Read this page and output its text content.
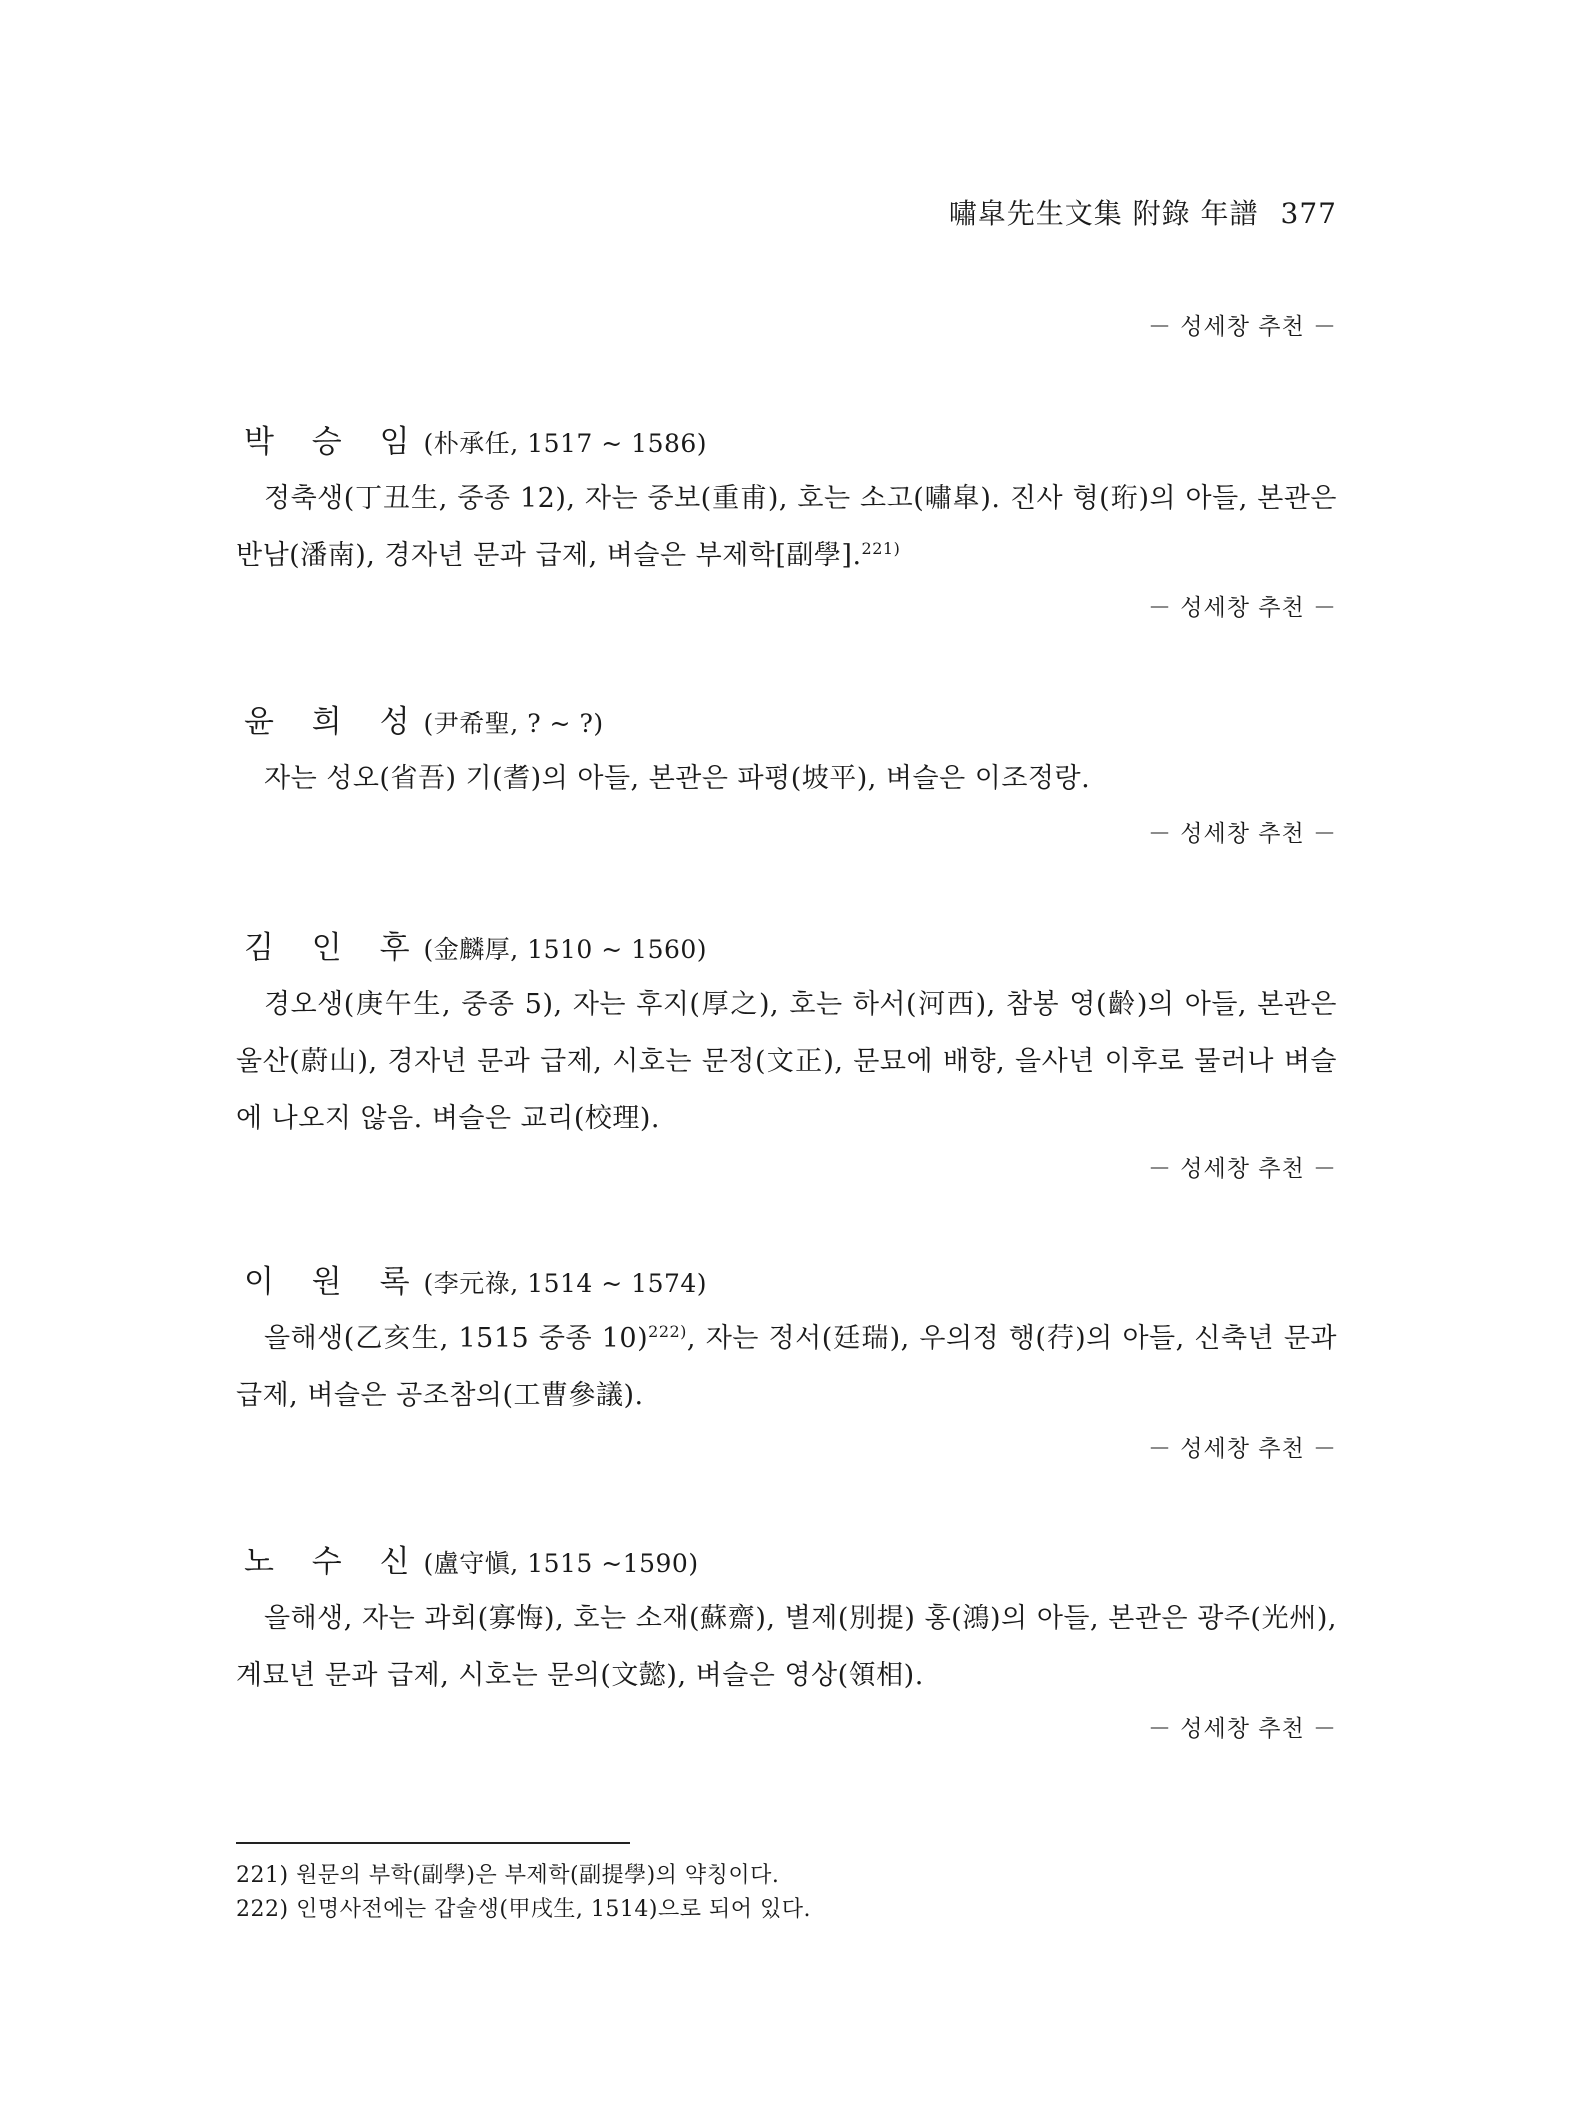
嘯皐先生文集 附錄 年譜 377
－ 성세창 추천 －
박 승 임(朴承任, 1517 ~ 1586)
정축생(丁丑生, 중종 12), 자는 중보(重甫), 호는 소고(嘯皐). 진사 형(珩)의 아들, 본관은 반남(潘南), 경자년 문과 급제, 벼슬은 부제학[副學].$^{221)}$
－ 성세창 추천 －
윤 희 성(尹希聖, ? ~ ?)
자는 성오(省吾) 기(耆)의 아들, 본관은 파평(坡平), 벼슬은 이조정랑.
－ 성세창 추천 －
김 인 후(金麟厚, 1510 ~ 1560)
경오생(庚午生, 중종 5), 자는 후지(厚之), 호는 하서(河西), 참봉 영(齡)의 아들, 본관은 울산(蔚山), 경자년 문과 급제, 시호는 문정(文正), 문묘에 배향, 을사년 이후로 물러나 벼슬에 나오지 않음. 벼슬은 교리(校理).
－ 성세창 추천 －
이 원 록(李元祿, 1514 ~ 1574)
을해생(乙亥生, 1515 중종 10)$^{222)}$, 자는 정서(廷瑞), 우의정 행(荇)의 아들, 신축년 문과 급제, 벼슬은 공조참의(工曹參議).
－ 성세창 추천 －
노 수 신(盧守愼, 1515 ~1590)
을해생, 자는 과회(寡悔), 호는 소재(蘇齋), 별제(別提) 홍(鴻)의 아들, 본관은 광주(光州), 계묘년 문과 급제, 시호는 문의(文懿), 벼슬은 영상(領相).
－ 성세창 추천 －
221) 원문의 부학(副學)은 부제학(副提學)의 약칭이다.
222) 인명사전에는 갑술생(甲戌生, 1514)으로 되어 있다.
